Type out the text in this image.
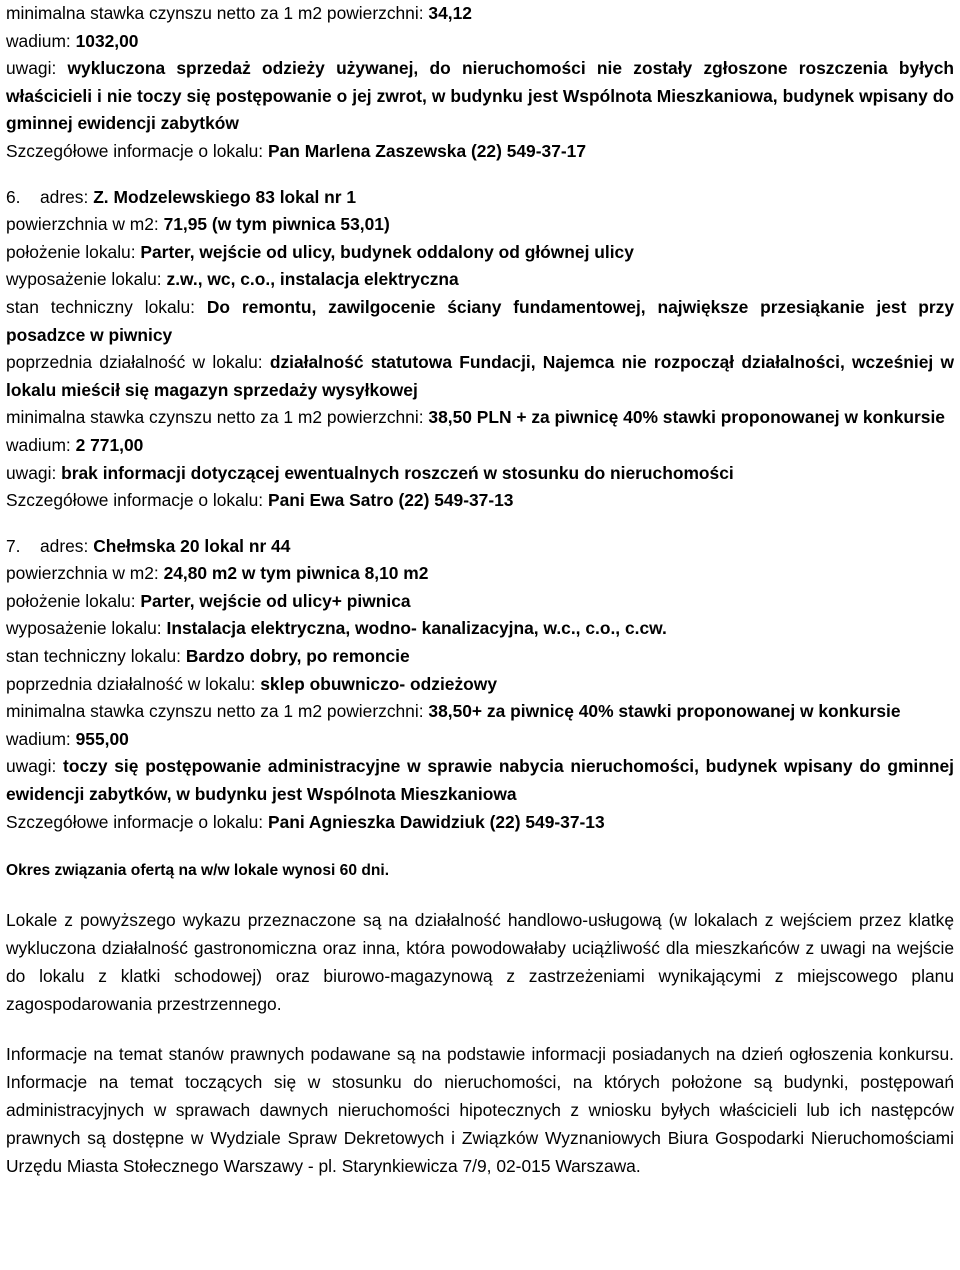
minimalna stawka czynszu netto za 1 m2 powierzchni: 34,12
wadium: 1032,00
uwagi: wykluczona sprzedaż odzieży używanej, do nieruchomości nie zostały zgłoszone roszczenia byłych właścicieli i nie toczy się postępowanie o jej zwrot, w budynku jest Wspólnota Mieszkaniowa, budynek wpisany do gminnej ewidencji zabytków
Szczegółowe informacje o lokalu: Pan Marlena Zaszewska (22) 549-37-17
6. adres: Z. Modzelewskiego 83 lokal nr 1
powierzchnia w m2: 71,95 (w tym piwnica 53,01)
położenie lokalu: Parter, wejście od ulicy, budynek oddalony od głównej ulicy
wyposażenie lokalu: z.w., wc, c.o., instalacja elektryczna
stan techniczny lokalu: Do remontu, zawilgocenie ściany fundamentowej, największe przesiąkanie jest przy posadzce w piwnicy
poprzednia działalność w lokalu: działalność statutowa Fundacji, Najemca nie rozpoczął działalności, wcześniej w lokalu mieścił się magazyn sprzedaży wysyłkowej
minimalna stawka czynszu netto za 1 m2 powierzchni: 38,50 PLN + za piwnicę 40% stawki proponowanej w konkursie
wadium: 2 771,00
uwagi: brak informacji dotyczącej ewentualnych roszczeń w stosunku do nieruchomości
Szczegółowe informacje o lokalu: Pani Ewa Satro (22) 549-37-13
7. adres: Chełmska 20 lokal nr 44
powierzchnia w m2: 24,80 m2 w tym piwnica 8,10 m2
położenie lokalu: Parter, wejście od ulicy+ piwnica
wyposażenie lokalu: Instalacja elektryczna, wodno- kanalizacyjna, w.c., c.o., c.cw.
stan techniczny lokalu: Bardzo dobry, po remoncie
poprzednia działalność w lokalu: sklep obuwniczo- odzieżowy
minimalna stawka czynszu netto za 1 m2 powierzchni: 38,50+ za piwnicę 40% stawki proponowanej w konkursie
wadium: 955,00
uwagi: toczy się postępowanie administracyjne w sprawie nabycia nieruchomości, budynek wpisany do gminnej ewidencji zabytków, w budynku jest Wspólnota Mieszkaniowa
Szczegółowe informacje o lokalu: Pani Agnieszka Dawidziuk (22) 549-37-13
Okres związania ofertą na w/w lokale wynosi 60 dni.
Lokale z powyższego wykazu przeznaczone są na działalność handlowo-usługową (w lokalach z wejściem przez klatkę wykluczona działalność gastronomiczna oraz inna, która powodowałaby uciążliwość dla mieszkańców z uwagi na wejście do lokalu z klatki schodowej) oraz biurowo-magazynową z zastrzeżeniami wynikającymi z miejscowego planu zagospodarowania przestrzennego.
Informacje na temat stanów prawnych podawane są na podstawie informacji posiadanych na dzień ogłoszenia konkursu. Informacje na temat toczących się w stosunku do nieruchomości, na których położone są budynki, postępowań administracyjnych w sprawach dawnych nieruchomości hipotecznych z wniosku byłych właścicieli lub ich następców prawnych są dostępne w Wydziale Spraw Dekretowych i Związków Wyznaniowych Biura Gospodarki Nieruchomościami Urzędu Miasta Stołecznego Warszawy - pl. Starynkiewicza 7/9, 02-015 Warszawa.
